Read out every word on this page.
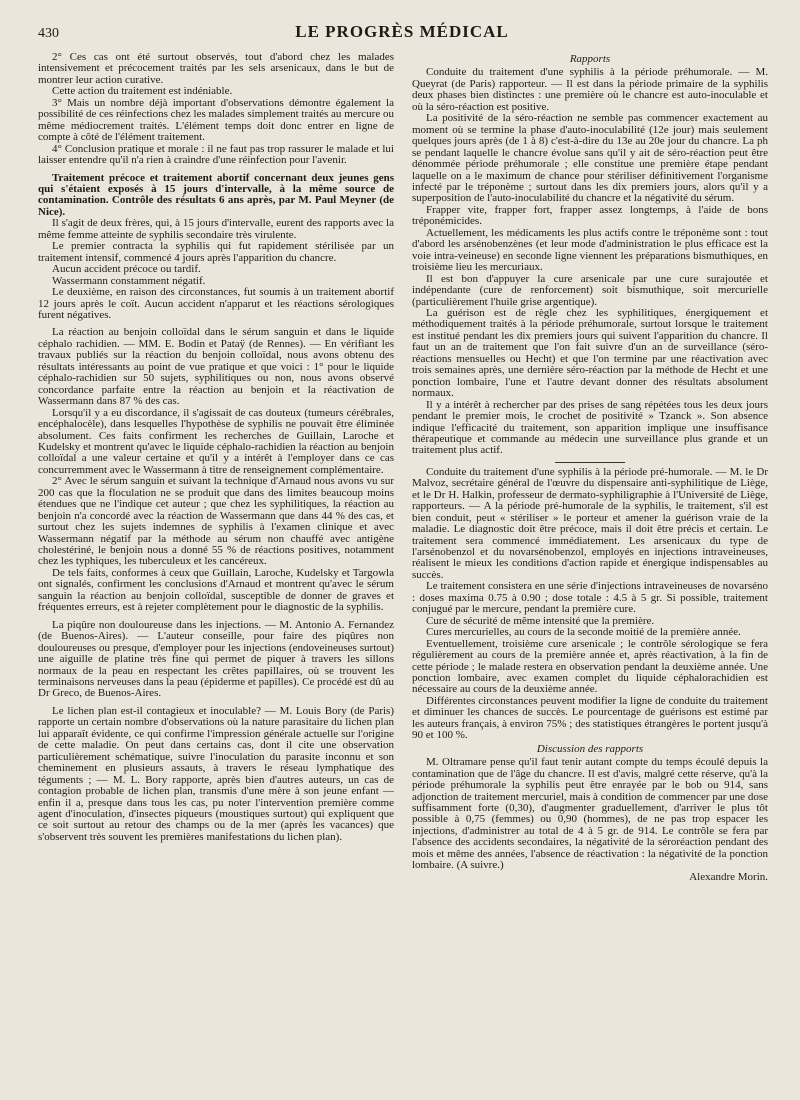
430	LE PROGRÈS MÉDICAL

2° Ces cas ont été surtout observés, tout d'abord chez les malades intensivement et précocement traités par les sels arsenicaux, dans le but de montrer leur action curative.

Cette action du traitement est indéniable.

3° Mais un nombre déjà important d'observations démontre également la possibilité de ces réinfections chez les malades simplement traités au mercure ou même médiocrement traités. L'élément temps doit donc entrer en ligne de compte à côté de l'élément traitement.

4° Conclusion pratique et morale : il ne faut pas trop rassurer le malade et lui laisser entendre qu'il n'a rien à craindre d'une réinfection pour l'avenir.

Traitement précoce et traitement abortif concernant deux jeunes gens qui s'étaient exposés à 15 jours d'intervalle, à la même source de contamination. Contrôle des résultats 6 ans après, par M. Paul Meyner (de Nice).

Il s'agit de deux frères, qui, à 15 jours d'intervalle, eurent des rapports avec la même femme atteinte de syphilis secondaire très virulente.

Le premier contracta la syphilis qui fut rapidement stérilisée par un traitement intensif, commencé 4 jours après l'apparition du chancre.

Aucun accident précoce ou tardif.

Wassermann constamment négatif.

Le deuxième, en raison des circonstances, fut soumis à un traitement abortif 12 jours après le coït. Aucun accident n'apparut et les réactions sérologiques furent négatives.

La réaction au benjoin colloïdal dans le sérum sanguin et dans le liquide céphalo rachidien. — MM. E. Bodin et Pataÿ (de Rennes). — En vérifiant les travaux publiés sur la réaction du benjoin colloïdal, nous avons obtenu des résultats intéressants au point de vue pratique et que voici : 1° pour le liquide céphalo-rachidien sur 50 sujets, syphilitiques ou non, nous avons observé concordance parfaite entre la réaction au benjoin et la réactivation de Wassermann dans 87 % des cas.

Lorsqu'il y a eu discordance, il s'agissait de cas douteux (tumeurs cérébrales, encéphalocèle), dans lesquelles l'hypothèse de syphilis ne pouvait être éliminée absolument. Ces faits confirment les recherches de Guillain, Laroche et Kudelsky et montrent qu'avec le liquide céphalo-rachidien la réaction au benjoin colloïdal a une valeur certaine et qu'il y a intérêt à l'employer dans ce cas concurremment avec le Wassermann à titre de renseignement complémentaire.

2° Avec le sérum sanguin et suivant la technique d'Arnaud nous avons vu sur 200 cas que la floculation ne se produit que dans des limites beaucoup moins étendues que ne l'indique cet auteur ; que chez les syphilitiques, la réaction au benjoin n'a concordé avec la réaction de Wassermann que dans 44 % des cas, et surtout chez les sujets indemnes de syphilis à l'examen clinique et avec Wassermann négatif par la méthode au sérum non chauffé avec antigène cholestériné, le benjoin nous a donné 55 % de réactions positives, notamment chez les typhiques, les tuberculeux et les cancéreux.

De tels faits, conformes à ceux que Guillain, Laroche, Kudelsky et Targowla ont signalés, confirment les conclusions d'Arnaud et montrent qu'avec le sérum sanguin la réaction au benjoin colloïdal, susceptible de donner de graves et fréquentes erreurs, est à rejeter complètement pour le diagnostic de la syphilis.

La piqûre non douloureuse dans les injections. — M. Antonio A. Fernandez (de Buenos-Aires). — L'auteur conseille, pour faire des piqûres non douloureuses ou presque, d'employer pour les injections (endoveineuses surtout) une aiguille de platine très fine qui permet de piquer à travers les sillons normaux de la peau en respectant les crêtes papillaires, où se trouvent les terminaisons nerveuses dans la peau (épiderme et papilles). Ce procédé est dû au Dr Greco, de Buenos-Aires.

Le lichen plan est-il contagieux et inoculable? — M. Louis Bory (de Paris) rapporte un certain nombre d'observations où la nature parasitaire du lichen plan lui apparaît évidente, ce qui confirme l'impression générale actuelle sur l'origine de cette maladie. On peut dans certains cas, dont il cite une observation particulièrement schématique, suivre l'inoculation du parasite inconnu et son cheminement en plusieurs assauts, à travers le réseau lymphatique des téguments ; — M. L. Bory rapporte, après bien d'autres auteurs, un cas de contagion probable de lichen plan, transmis d'une mère à son jeune enfant — enfin il a, presque dans tous les cas, pu noter l'intervention première comme agent d'inoculation, d'insectes piqueurs (moustiques surtout) qui expliquent que ce soit surtout au retour des champs ou de la mer (après les vacances) que s'observent très souvent les premières manifestations du lichen plan).

Rapports

Conduite du traitement d'une syphilis à la période préhumorale. — M. Queyrat (de Paris) rapporteur. — Il est dans la période primaire de la syphilis deux phases bien distinctes : une première où le chancre est auto-inoculable et où la séro-réaction est positive.

La positivité de la séro-réaction ne semble pas commencer exactement au moment où se termine la phase d'auto-inoculabilité (12e jour) mais seulement quelques jours après (de 1 à 8) c'est-à-dire du 13e au 20e jour du chancre. La ph se pendant laquelle le chancre évolue sans qu'il y ait de séro-réaction peut être dénommée période préhumorale ; elle constitue une première étape pendant laquelle on a le maximum de chance pour stériliser définitivement l'organisme infecté par le tréponème ; surtout dans les dix premiers jours, alors qu'il y a superposition de l'auto-inoculabilité du chancre et la négativité du sérum.

Frapper vite, frapper fort, frapper assez longtemps, à l'aide de bons tréponémicides.

Actuellement, les médicaments les plus actifs contre le tréponème sont : tout d'abord les arsénobenzènes (et leur mode d'administration le plus efficace est la voie intra-veineuse) en seconde ligne viennent les préparations bismuthiques, en troisième lieu les mercuriaux.

Il est bon d'appuyer la cure arsenicale par une cure surajoutée et indépendante (cure de renforcement) soit bismuthique, soit mercurielle (particulièrement l'huile grise argentique).

La guérison est de règle chez les syphilitiques, énergiquement et méthodiquement traités à la période préhumorale, surtout lorsque le traitement est institué pendant les dix premiers jours qui suivent l'apparition du chancre. Il faut un an de traitement que l'on fait suivre d'un an de surveillance (séro-réactions mensuelles ou Hecht) et que l'on termine par une réactivation avec trois semaines après, une dernière séro-réaction par la méthode de Hecht et une ponction lombaire, l'une et l'autre devant donner des résultats absolument normaux.

Il y a intérêt à rechercher par des prises de sang répétées tous les deux jours pendant le premier mois, le crochet de positivité » Tzanck ». Son absence indique l'efficacité du traitement, son apparition implique une insuffisance thérapeutique et commande au médecin une surveillance plus grande et un traitement plus actif.

Conduite du traitement d'une syphilis à la période pré-humorale. — M. le Dr Malvoz, secrétaire général de l'œuvre du dispensaire anti-syphilitique de Liège, et le Dr H. Halkin, professeur de dermato-syphiligraphie à l'Université de Liège, rapporteurs. — A la période pré-humorale de la syphilis, le traitement, s'il est bien conduit, peut « stériliser » le porteur et amener la guérison vraie de la maladie. Le diagnostic doit être précoce, mais il doit être précis et certain. Le traitement sera commencé immédiatement. Les arsenicaux du type de l'arsénobenzol et du novarsénobenzol, employés en injections intraveineuses, réalisent le mieux les conditions d'action rapide et énergique indispensables au succès.

Le traitement consistera en une série d'injections intraveineuses de novarséno : doses maxima 0.75 à 0.90 ; dose totale : 4.5 à 5 gr. Si possible, traitement conjugué par le mercure, pendant la première cure.

Cure de sécurité de même intensité que la première.

Cures mercurielles, au cours de la seconde moitié de la première année.

Eventuellement, troisième cure arsenicale ; le contrôle sérologique se fera régulièrement au cours de la première année et, après réactivation, à la fin de cette période ; le malade restera en observation pendant la deuxième année. Une ponction lombaire, avec examen complet du liquide céphalorachidien est nécessaire au cours de la deuxième année.

Différentes circonstances peuvent modifier la ligne de conduite du traitement et diminuer les chances de succès. Le pourcentage de guérisons est estimé par les auteurs français, à environ 75% ; des statistiques étrangères le portent jusqu'à 90 et 100 %.

Discussion des rapports

M. Oltramare pense qu'il faut tenir autant compte du temps écoulé depuis la contamination que de l'âge du chancre. Il est d'avis, malgré cette réserve, qu'à la période préhumorale la syphilis peut être enrayée par le bob ou 914, sans adjonction de traitement mercuriel, mais à condition de commencer par une dose suffisamment forte (0,30), d'augmenter graduellement, d'arriver le plus tôt possible à 0,75 (femmes) ou 0,90 (hommes), de ne pas trop espacer les injections, d'administrer au total de 4 à 5 gr. de 914. Le contrôle se fera par l'absence des accidents secondaires, la négativité de la séroréaction pendant des mois et même des années, l'absence de réactivation : la négativité de la ponction lombaire. (A suivre.)

Alexandre Morin.
